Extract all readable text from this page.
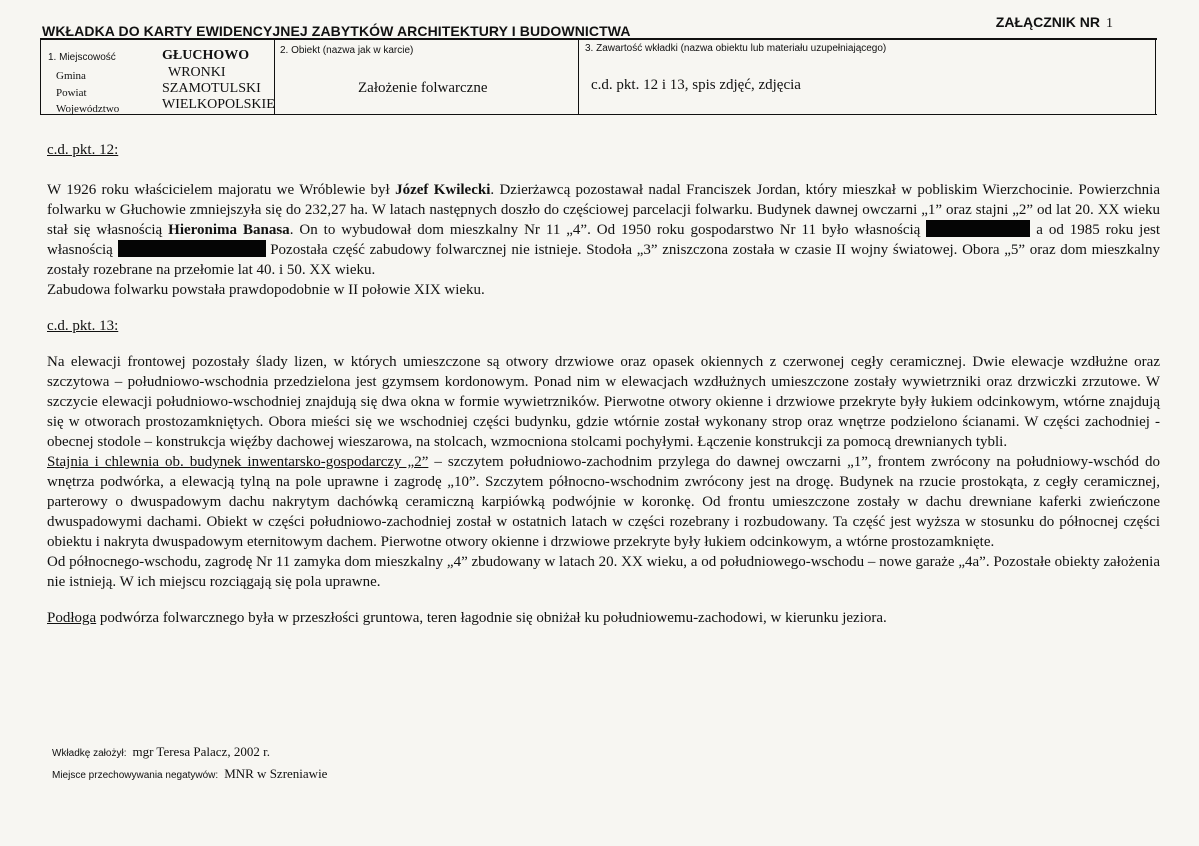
WKŁADKA DO KARTY EWIDENCYJNEJ ZABYTKÓW ARCHITEKTURY I BUDOWNICTWA
ZAŁĄCZNIK NR 1
1. Miejscowość	GŁUCHOWO
Gmina	WRONKI
Powiat	SZAMOTULSKI
Województwo	WIELKOPOLSKIE
2. Obiekt (nazwa jak w karcie)
Założenie folwarczne
3. Zawartość wkładki (nazwa obiektu lub materiału uzupełniającego)
c.d. pkt. 12 i 13, spis zdjęć, zdjęcia

c.d. pkt. 12:

W 1926 roku właścicielem majoratu we Wróblewie był Józef Kwilecki. Dzierżawcą pozostawał nadal Franciszek Jordan, który mieszkał w pobliskim Wierzchocinie. Powierzchnia folwarku w Głuchowie zmniejszyła się do 232,27 ha. W latach następnych doszło do częściowej parcelacji folwarku. Budynek dawnej owczarni „1” oraz stajni „2” od lat 20. XX wieku stał się własnością Hieronima Banasa. On to wybudował dom mieszkalny Nr 11 „4”. Od 1950 roku gospodarstwo Nr 11 było własnością	a od 1985 roku jest własnością	Pozostała część zabudowy folwarcznej nie istnieje. Stodoła „3” zniszczona została w czasie II wojny światowej. Obora „5” oraz dom mieszkalny zostały rozebrane na przełomie lat 40. i 50. XX wieku.

Zabudowa folwarku powstała prawdopodobnie w II połowie XIX wieku.

c.d. pkt. 13:

Na elewacji frontowej pozostały ślady lizen, w których umieszczone są otwory drzwiowe oraz opasek okiennych z czerwonej cegły ceramicznej. Dwie elewacje wzdłużne oraz szczytowa – południowo-wschodnia przedzielona jest gzymsem kordonowym. Ponad nim w elewacjach wzdłużnych umieszczone zostały wywietrzniki oraz drzwiczki zrzutowe. W szczycie elewacji południowo-wschodniej znajdują się dwa okna w formie wywietrzników. Pierwotne otwory okienne i drzwiowe przekryte były łukiem odcinkowym, wtórne znajdują się w otworach prostozamkniętych. Obora mieści się we wschodniej części budynku, gdzie wtórnie został wykonany strop oraz wnętrze podzielono ścianami. W części zachodniej - obecnej stodole – konstrukcja więźby dachowej wieszarowa, na stolcach, wzmocniona stolcami pochyłymi. Łączenie konstrukcji za pomocą drewnianych tybli.

Stajnia i chlewnia ob. budynek inwentarsko-gospodarczy „2” – szczytem południowo-zachodnim przylega do dawnej owczarni „1”, frontem zwrócony na południowy-wschód do wnętrza podwórka, a elewacją tylną na pole uprawne i zagrodę „10”. Szczytem północno-wschodnim zwrócony jest na drogę. Budynek na rzucie prostokąta, z cegły ceramicznej, parterowy o dwuspadowym dachu nakrytym dachówką ceramiczną karpiówką podwójnie w koronkę. Od frontu umieszczone zostały w dachu drewniane kaferki zwieńczone dwuspadowymi dachami. Obiekt w części południowo-zachodniej został w ostatnich latach w części rozebrany i rozbudowany. Ta część jest wyższa w stosunku do północnej części obiektu i nakryta dwuspadowym eternitowym dachem. Pierwotne otwory okienne i drzwiowe przekryte były łukiem odcinkowym, a wtórne prostozamknięte.

Od północnego-wschodu, zagrodę Nr 11 zamyka dom mieszkalny „4” zbudowany w latach 20. XX wieku, a od południowego-wschodu – nowe garaże „4a”. Pozostałe obiekty założenia nie istnieją. W ich miejscu rozciągają się pola uprawne.

Podłoga podwórza folwarcznego była w przeszłości gruntowa, teren łagodnie się obniżał ku południowemu-zachodowi, w kierunku jeziora.

Wkładkę założył: mgr Teresa Palacz, 2002 r.
Miejsce przechowywania negatywów: MNR w Szreniawie
